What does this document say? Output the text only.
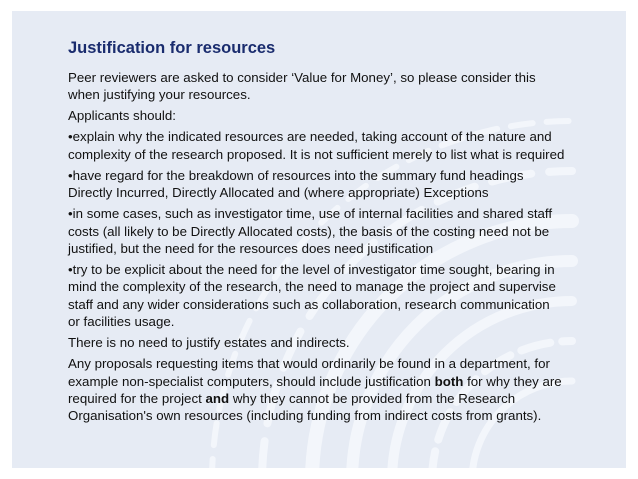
Justification for resources
Peer reviewers are asked to consider ‘Value for Money’, so please consider this
when justifying your resources.
Applicants should:
•explain why the indicated resources are needed, taking account of the nature and
complexity of the research proposed. It is not sufficient merely to list what is required
•have regard for the breakdown of resources into the summary fund headings
Directly Incurred, Directly Allocated and (where appropriate) Exceptions
•in some cases, such as investigator time, use of internal facilities and shared staff
costs (all likely to be Directly Allocated costs), the basis of the costing need not be
justified, but the need for the resources does need justification
•try to be explicit about the need for the level of investigator time sought, bearing in
mind the complexity of the research, the need to manage the project and supervise
staff and any wider considerations such as collaboration, research communication
or facilities usage.
There is no need to justify estates and indirects.
Any proposals requesting items that would ordinarily be found in a department, for
example non-specialist computers, should include justification both for why they are
required for the project and why they cannot be provided from the Research
Organisation's own resources (including funding from indirect costs from grants).
